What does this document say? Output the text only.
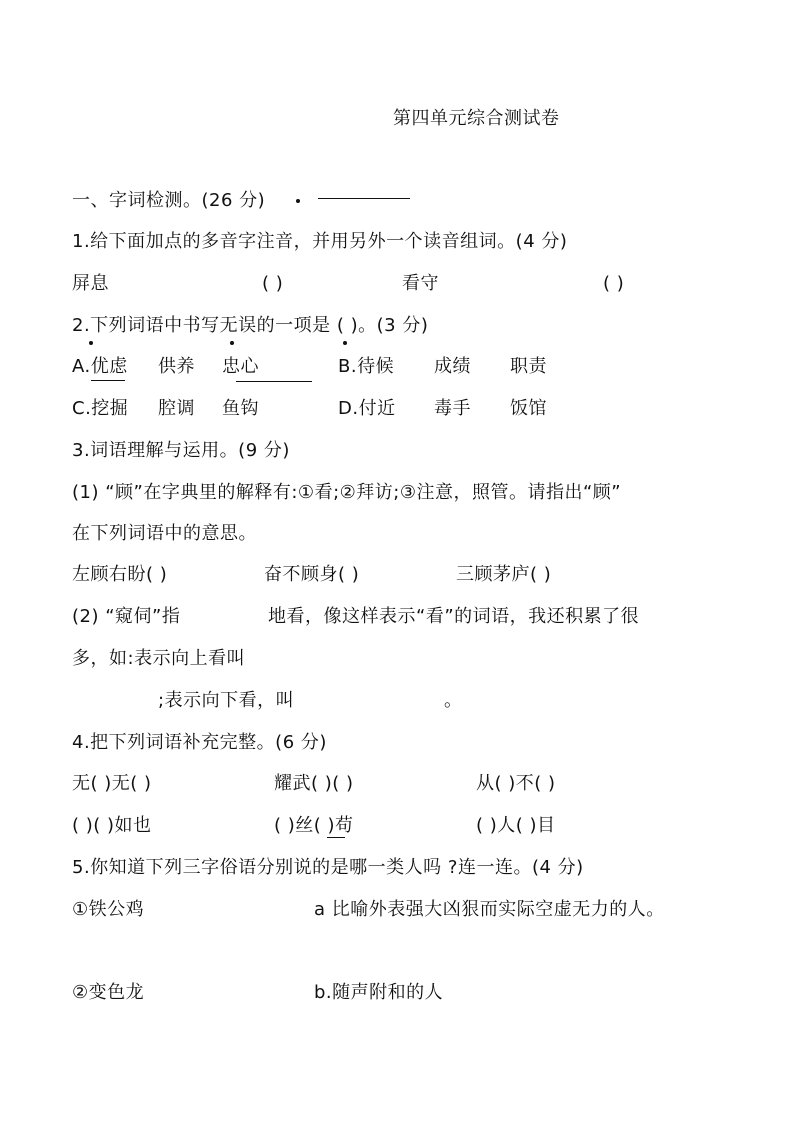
第四单元综合测试卷
一、字词检测。(26 分)
1.给下面加点的多音字注音，并用另外一个读音组词。(4 分)
屏息	( )	看守	( )
2.下列词语中书写无误的一项是 ( )。(3 分)
A.优虑 供养 忠心	B.待候 成绩 职责
C.挖掘 腔调 鱼钩	D.付近 毒手 饭馆
3.词语理解与运用。(9 分)
(1) “顾”在字典里的解释有:①看;②拜访;③注意，照管。请指出“顾”
在下列词语中的意思。
左顾右盼( )	奋不顾身( )	三顾茅庐( )
(2) “窥伺”指	地看，像这样表示“看”的词语，我还积累了很
多，如:表示向上看叫
;表示向下看，叫	。
4.把下列词语补充完整。(6 分)
无( )无( )	耀武( )( )	从( )不( )
( )( )如也	( )丝( )苟	( )人( )目
5.你知道下列三字俗语分别说的是哪一类人吗 ?连一连。(4 分)
①铁公鸡	a 比喻外表强大凶狠而实际空虚无力的人。
②变色龙	b.随声附和的人
